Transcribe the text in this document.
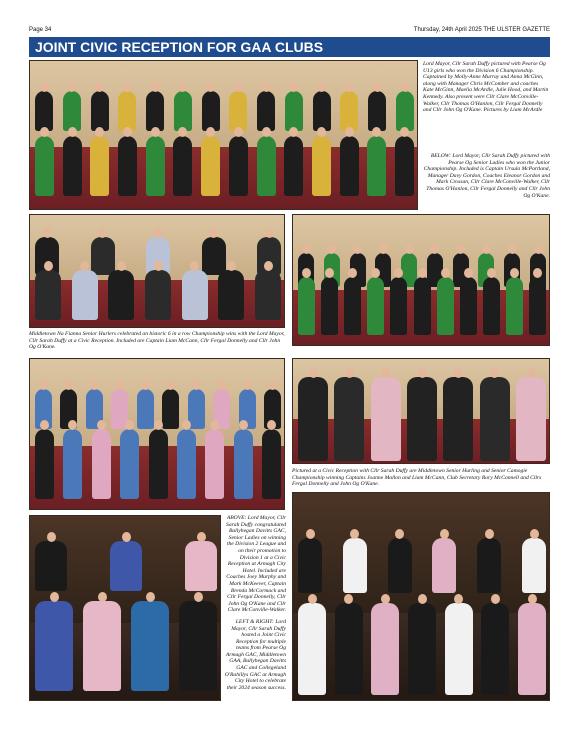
Page 34	Thursday, 24th April 2025 THE ULSTER GAZETTE
JOINT CIVIC RECEPTION FOR GAA CLUBS
Lord Mayor, Cllr Sarah Duffy pictured with Pearse Og U13 girls who won the Division 6 Championship. Captained by Molly-Anne Murray and Anna McGinn, along with Manager Chris McComber and coaches Kate McGinn, Maelia McArdle, Julie Hood, and Martin Kennedy. Also present were Cllr Clare McConville-Walker, Cllr Thomas O'Hanlon, Cllr Fergal Donnelly and Cllr John Og O'Kane. Pictures by Liam McArdle
BELOW: Lord Mayor, Cllr Sarah Duffy pictured with Pearse Og Senior Ladies who won the Junior Championship. Included is Captain Ursula McPartland, Manager Davy Gordon, Coaches Eleanor Gordon and Mark Crossan, Cllr Clare McConville-Walker, Cllr Thomas O'Hanlon, Cllr Fergal Donnelly and Cllr John Og O'Kane.
Middletown Na Fianna Senior Hurlers celebrated an historic 6 in a row Championship wins with the Lord Mayor, Cllr Sarah Duffy at a Civic Reception. Included are Captain Liam McCann, Cllr Fergal Donnelly and Cllr John Og O'Kane.
Pictured at a Civic Reception with Cllr Sarah Duffy are Middletown Senior Hurling and Senior Camogie Championship winning Captains Joanne Mallon and Liam McCann, Club Secretary Rory McConnell and Cllrs Fergal Donnelly and John Og O'Kane.

ABOVE: Lord Mayor, Cllr Sarah Duffy congratulated Ballyhegan Davitts GAC, Senior Ladies on winning the Division 2 League and on their promotion to Division 1 at a Civic Reception at Armagh City Hotel. Included are Coaches Joey Murphy and Mark McKeever, Captain Brenda McCormack and Cllr Fergal Donnelly, Cllr John Og O'Kane and Cllr Clare McConville-Walker.

LEFT & RIGHT: Lord Mayor, Cllr Sarah Duffy hosted a Joint Civic Reception for multiple teams from Pearse Og Armagh GAC, Middletown GAA, Ballyhegan Davitts GAC and Collegeland O'Rahillys GAC at Armagh City Hotel to celebrate their 2024 season success.
